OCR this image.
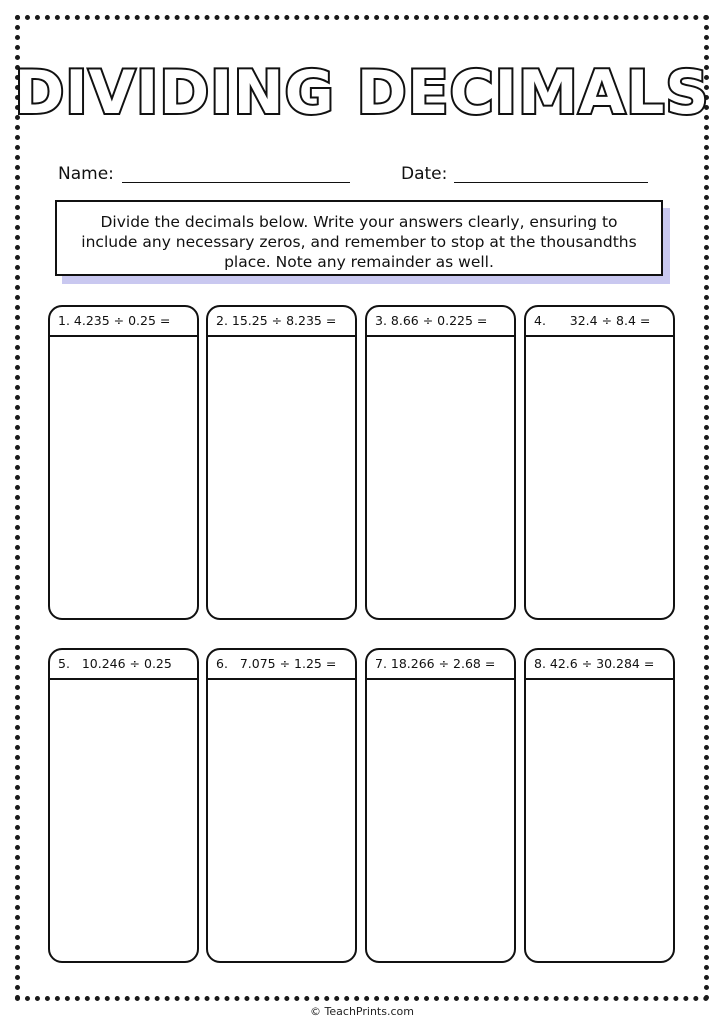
DIVIDING DECIMALS
Name:	Date:
Divide the decimals below. Write your answers clearly, ensuring to include any necessary zeros, and remember to stop at the thousandths place. Note any remainder as well.
1. 4.235 ÷ 0.25 =	2. 15.25 ÷ 8.235 =	3. 8.66 ÷ 0.225 =	4.      32.4 ÷ 8.4 =
5.   10.246 ÷ 0.25	6.   7.075 ÷ 1.25 =	7. 18.266 ÷ 2.68 =	8. 42.6 ÷ 30.284 =
© TeachPrints.com
